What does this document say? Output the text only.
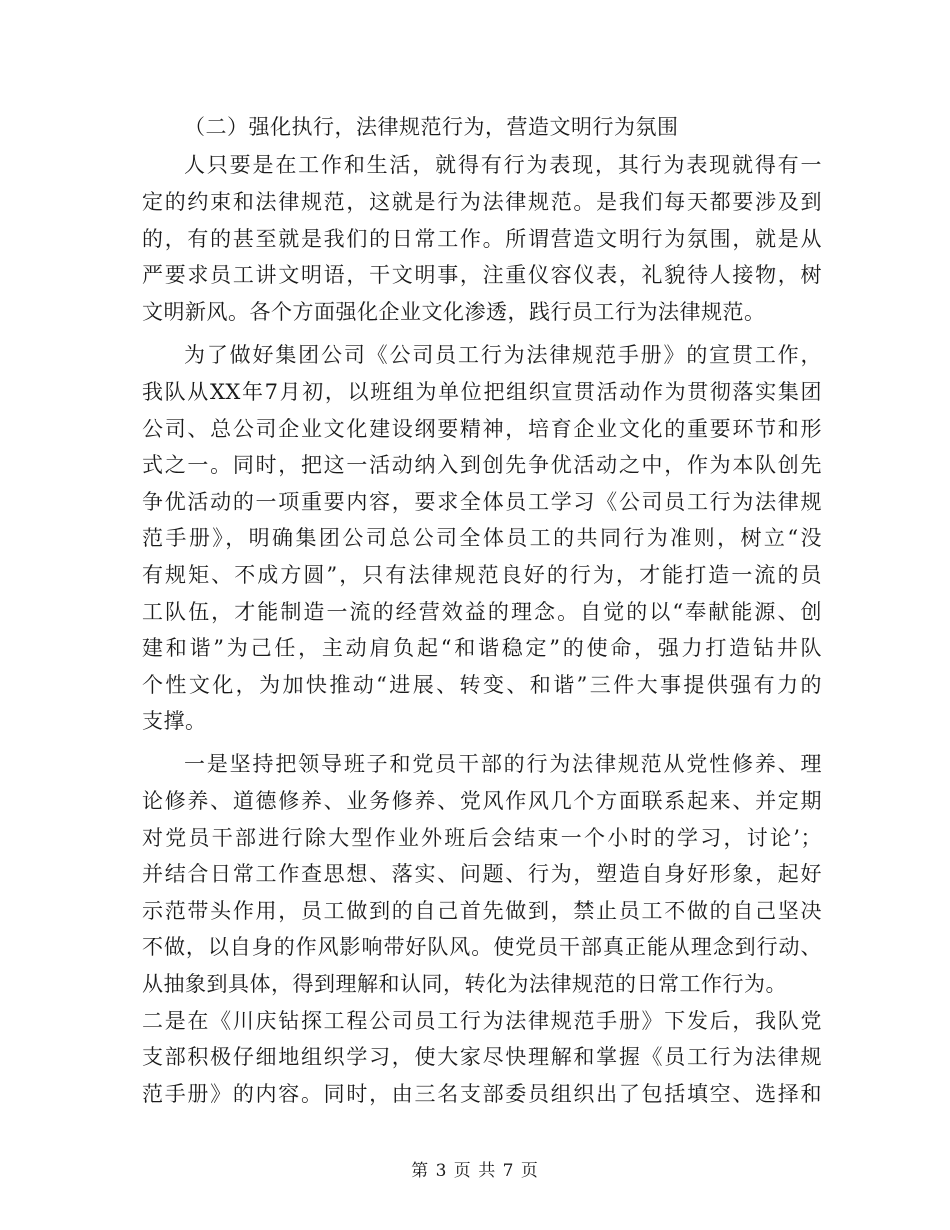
（二）强化执行，法律规范行为，营造文明行为氛围
人只要是在工作和生活，就得有行为表现，其行为表现就得有一
定的约束和法律规范，这就是行为法律规范。是我们每天都要涉及到
的，有的甚至就是我们的日常工作。所谓营造文明行为氛围，就是从
严要求员工讲文明语，干文明事，注重仪容仪表，礼貌待人接物，树
文明新风。各个方面强化企业文化渗透，践行员工行为法律规范。
为了做好集团公司《公司员工行为法律规范手册》的宣贯工作，
我队从XX年7月初，以班组为单位把组织宣贯活动作为贯彻落实集团
公司、总公司企业文化建设纲要精神，培育企业文化的重要环节和形
式之一。同时，把这一活动纳入到创先争优活动之中，作为本队创先
争优活动的一项重要内容，要求全体员工学习《公司员工行为法律规
范手册》，明确集团公司总公司全体员工的共同行为准则，树立“没
有规矩、不成方圆”，只有法律规范良好的行为，才能打造一流的员
工队伍，才能制造一流的经营效益的理念。自觉的以“奉献能源、创
建和谐”为己任，主动肩负起“和谐稳定”的使命，强力打造钻井队
个性文化，为加快推动“进展、转变、和谐”三件大事提供强有力的
支撑。
一是坚持把领导班子和党员干部的行为法律规范从党性修养、理
论修养、道德修养、业务修养、党风作风几个方面联系起来、并定期
对党员干部进行除大型作业外班后会结束一个小时的学习，讨论’；
并结合日常工作查思想、落实、问题、行为，塑造自身好形象，起好
示范带头作用，员工做到的自己首先做到，禁止员工不做的自己坚决
不做，以自身的作风影响带好队风。使党员干部真正能从理念到行动、
从抽象到具体，得到理解和认同，转化为法律规范的日常工作行为。
二是在《川庆钻探工程公司员工行为法律规范手册》下发后，我队党
支部积极仔细地组织学习，使大家尽快理解和掌握《员工行为法律规
范手册》的内容。同时，由三名支部委员组织出了包括填空、选择和
第 3 页 共 7 页
